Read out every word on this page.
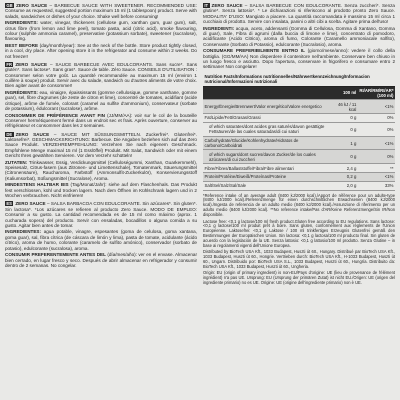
GB ZERO SAUCE – BARBECUE SAUCE WITH SWEETENER. RECOMMENDED USE: Consume as requested, suggested portion maximum 15 ml (1 tablespoon) product. Serve with salads, sandwiches or dishes of your choice. Shake well before consuming!

INGREDIENTS: water, vinegar, thickeners (cellulose gum, xanthan gum, guar gum), salt, citrus fibre (from lemon and lime peel), tomato pasta, acid (citric acid), smoke flavouring, colour (sulphite ammonia caramel), preservative (potassium sorbate), sweetener (sucralose), flavouring.

BEST BEFORE (day/month/year): See at the neck of the bottle. Store product tightly closed, in a cool, dry place. After opening store it in the refrigerator and consume within 2 weeks. Do not freeze!!

FR ZERO SAUCE – SAUCE BARBECUE AVEC EDULCORANTS. Sans sucre*. Sans glutén*. Sans lactose*. Sans gras*. Sauce de table. Zéro Sauce. CONSEILS D'UTILISATION : Consommer selon votre goût. La quantité recommandée au maximum 15 ml (environ 1 cuillère à soupe) produit. Servir avec du salade, sandwich ou d'autres aliments de votre choix. Bien agiter avant de consommer!

INGRÉDIENTS: eau, vinaigre, épaississants (gomme cellulosique, gomme xanthane, gomme guar), sel, fibre d'agrumes (de zeste de citron et lime), concentré de tomates, acidifiant (acide citrique), arôme de fumée, colorant (caramel au sulfite d'ammonium), conservateur (sorbate de potassium), édulcorant (sucralose), arôme.

CONSOMMER DE PRÉFÉRENCE AVANT FIN (JJ/MM/AA): voir sur le col de la bouteille Conserver hermétiquement fermé dans un endroit sec et frais. Après ouverture, conserver au réfrigérateur et consommer dans les 2 semaines.

DE ZERO SAUCE – SAUCE MIT SÜSSUNGSMITTELN. Zuckerfrei*. Glutenfrei*. Laktosefrei*. GESCHMACKSRICHTUNG: Barbecue. Die Angaben beziehen sich auf das Zero Sauce Produkt. VERZEHREMPFEHLUNG: Verzehren Sie nach eigenem Geschmack. Empfohlene Menge maximal 15 ml (1 Esslöffel) Produkt. Mit Salat, Sandwich oder mit einem Gericht Ihres gewählten Servieren. Vor dem Verzehr schütteln!

ZUTATEN: Trinkwasser, Essig, Verdickungsmittel (Celluloségummi, Xanthan, Guarkernmehl), Speisesalz, Citrus-fasern (aus Zitronen- und Limettenschale), Tomatenmark, Säuerungsmittel (Citronensäure), Raucharoma, Farbstoff (Ammonsulfit-Zuckerkulör), Konservierungsstoff (Kaliumsorbat), Süßungsmittel (Sucralose), Aroma.

MINDESTENS HALTBAR BIS (Tag/Monat/Jahr): siehe auf dem Flaschenhals. Das Produkt fest verschlossen, kühl und trocken lagern. Nach dem Öffnen im Kühlschrank lagern und in 2 Wochen verbrauchen. Nicht einfrieren!

ES ZERO SAUCE – SALSA BARBACOA CON EDULCORANTE. Sin azúcares*. Sin gluten*. Sin lactosa*. *Los azúcares se refieren al producto Zero Sauce. MODO DE EMPLEO: Consumir a su gusto. La cantidad recomendada es de 15 ml como máximo (aprox. 1 cucharada sopera) del producto. Servir con ensaladas, bocadillos o alguna comida a su gusto. Agitar bien antes de tomar.

INGREDIENTES: agua potable, vinagre, espesantes (goma de celulosa, goma xantana, goma guar), sal, fibra cítrica (de cáscara de limón y lima), pasta de tomate, acidulante (ácido cítrico), aroma de humo, colorante (caramelo de sulfito amónico), conservador (sorbato de potasio), edulcorante (sucralosa), aroma.

CONSUMIR PREFERENTEMENTE ANTES DEL (día/mes/año): ver en el envase. Almacenar bien cerrado, en lugar fresco y seco. Después de abrir almacenar en refrigerador y consumir dentro de 2 semanas. No congelar.

IT ZERO SAUCE – SALSA BARBECUE CON EDULCORANTE. Senza zuccheri*. Senza glutine*. Senza lattosio*. * Le dichiarazioni si riferiscono al prodotto pronto Zero Sauce. MODALITA' D'USO: Mangiato a piacere. La quantità raccomandata è massimo 15 ml circa 1 cucchiaio di prodotto. Servire con insalata, panini o altri cibi a scelta. Agitare prima dell'uso!

INGREDIENTI: acqua, aceto, addensanti (Gomma di Cellulosa, Gomma di Xantano, Gomma di guar), Sale, Fibra di agrumi (dalla buccia di limone e lime), concentrato di pomodoro, acidificante (Acido Citrico), aroma di fumo, Colorante (Caramello ammoniacale solfito), Conservante (Sorbato di Potassio), edulcorante (Sucralosio), aroma.

CONSUMARE PREFERIBILMENTE ENTRO IL (giorno/mese/anno): vedere il collo della bottiglia. (GG/MM/AA) Non disperdere il contenitore nell'ambiente. Conservare ben chiuso in un luogo fresco e asciutto. Dopo l'apertura, conservare in frigorifero e consumare entro 2 settimane! Non congelare!

Nutrition Facts/Informations nutritionnelles/Nährwertkennzeichnung/Informacion nutricional/Informazioni nutrizionali		
	100 ml	RI/AR/RM/RI/AR* (100 ml)
Energy/Énergie/Brennwert/Valor energético/Valore energetico	46 kJ / 11 kcal	<1%
Fat/Lipide/Fett/Grasas/Grassi	0 g	0%
of which saturates/dont acides gras saturés/davon gesättigte Fettsäuren/de las cuales saturadas/di cui saturi	0 g	0%
Carbohydrate/Glucide/Kohlenhydrate/Hidratos de carbono/Carboidrati	1 g	<1%
of which sugars/dont sucres/davon Zucker/de los cuales azúcares/di cui zuccheri	0 g	0%
Fibre/Fibres/Ballaststoffe/Fibra/Fibre alimentari	2,4 g	**
Protein/Protéine/Eiweiß/Proteínas/Proteine	0,2 g	<1%
Salt/Sel/Salz/Sal/Sale	2,0 g	33%

*Reference intake of an average adult (8400 kJ/2000 kcal)./Apport de référence pour un adulte-type (8400 kJ/2000 kcal)./Referenzmenge für einen durchschnittlichen Erwachsenen (8400 kJ/2000 kcal)./Ingesta de referencia de un adulto medio (8400 kJ/2000 kcal)./Assunzione di riferimento per un adulto medio (8400 kJ/2000 kcal). **No reference intake/Pas d'AR/Keine Referenzmenge/Sin IR/Non disponibile.

Lactose free: <0,1 g lactose/100 ml fresh product.Gluten free according to EU regulations. Sans lactose: <0,1 g lactose/100 ml produit prêt à boire. Sans gluten, conformément aux règlements de l'Union Européenne. Laktosefrei: <0,1 g Laktose / 100 ml trinkfertiges Erzeugnis Glutenfrei gemäß den Bestimmungen der Europäischen Union. Sin lactosa: <0,1 g lactosa/100 ml producto final. Sin gluten de acuerdo con la legislación de la UE. Senza lattosio: <0,1 g lattosio/100 ml prodotto. Senza Glutine – in base ai regolamenti vigenti dell'Unione Europea.

Distributed by BioTech USA Kft., 1033 Budapest, Huszti út 60., Hungary. Distribué par BioTech USA Kft., 1033 Budapest, Huszti út 60., Hongrie. Vertrieben durch: BioTech USA Kft., H-1033 Budapest, Huszti út 60., Ungarn. Distribuido por: BioTech USA S.L., 1033 Budapest, Huszti út 60., Hungría. Distribuito da: BioTech USA Kft., 1033 Budapest, Huszti út 60., Ungheria.

Origin: EU (origin of primary ingredient) is non-EU/Pays d'origine: UE (lieu de provenance de l'élément ingrédient) n'a pas UE. Ursprung: EU (Ursprung der primären Zutat) ist nicht EU./Origen: UE (origen del ingrediente primario) no es UE. Origine: UE (origine dell'ingrediente primario) non è UE.
